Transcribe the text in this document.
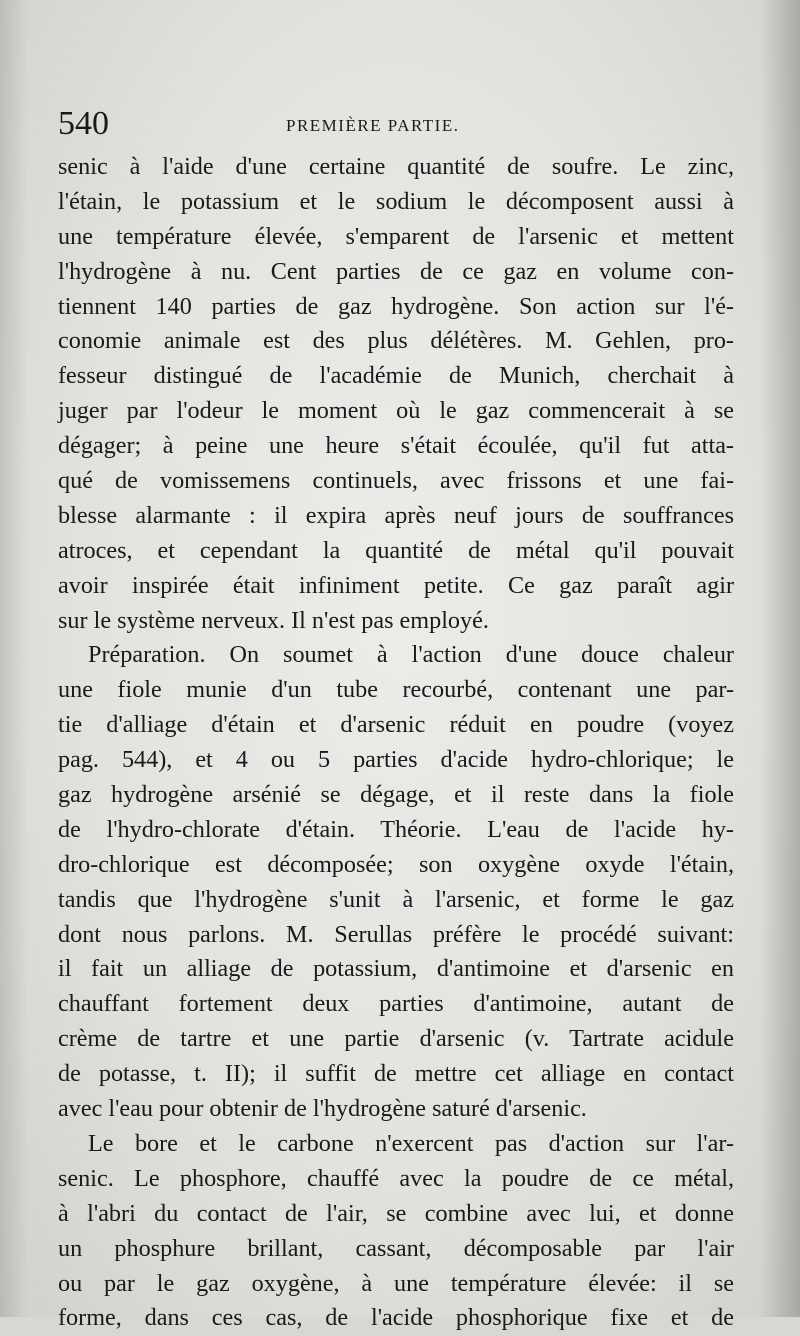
540	PREMIÈRE PARTIE.
senic à l'aide d'une certaine quantité de soufre. Le zinc,
l'étain, le potassium et le sodium le décomposent aussi à
une température élevée, s'emparent de l'arsenic et mettent
l'hydrogène à nu. Cent parties de ce gaz en volume con-
tiennent 140 parties de gaz hydrogène. Son action sur l'é-
conomie animale est des plus délétères. M. Gehlen, pro-
fesseur distingué de l'académie de Munich, cherchait à
juger par l'odeur le moment où le gaz commencerait à se
dégager; à peine une heure s'était écoulée, qu'il fut atta-
qué de vomissemens continuels, avec frissons et une fai-
blesse alarmante : il expira après neuf jours de souffrances
atroces, et cependant la quantité de métal qu'il pouvait
avoir inspirée était infiniment petite. Ce gaz paraît agir
sur le système nerveux. Il n'est pas employé.
Préparation. On soumet à l'action d'une douce chaleur
une fiole munie d'un tube recourbé, contenant une par-
tie d'alliage d'étain et d'arsenic réduit en poudre (voyez
pag. 544), et 4 ou 5 parties d'acide hydro-chlorique; le
gaz hydrogène arsénié se dégage, et il reste dans la fiole
de l'hydro-chlorate d'étain. Théorie. L'eau de l'acide hy-
dro-chlorique est décomposée; son oxygène oxyde l'étain,
tandis que l'hydrogène s'unit à l'arsenic, et forme le gaz
dont nous parlons. M. Serullas préfère le procédé suivant:
il fait un alliage de potassium, d'antimoine et d'arsenic en
chauffant fortement deux parties d'antimoine, autant de
crème de tartre et une partie d'arsenic (v. Tartrate acidule
de potasse, t. II); il suffit de mettre cet alliage en contact
avec l'eau pour obtenir de l'hydrogène saturé d'arsenic.
Le bore et le carbone n'exercent pas d'action sur l'ar-
senic. Le phosphore, chauffé avec la poudre de ce métal,
à l'abri du contact de l'air, se combine avec lui, et donne
un phosphure brillant, cassant, décomposable par l'air
ou par le gaz oxygène, à une température élevée: il se
forme, dans ces cas, de l'acide phosphorique fixe et de
